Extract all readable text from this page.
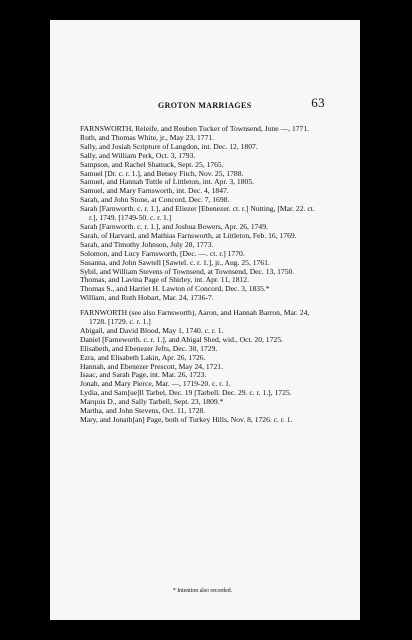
GROTON MARRIAGES	63
FARNSWORTH, Releife, and Reuben Tucker of Townsend, June —, 1771.
Ruth, and Thomas White, jr., May 23, 1771.
Sally, and Josiah Scripture of Langdon, int. Dec. 12, 1807.
Sally, and William Perk, Oct. 3, 1793.
Sampson, and Rachel Shattuck, Sept. 25, 1765.
Samuel [Dr. c. r. 1.], and Betsey Fitch, Nov. 25, 1788.
Samuel, and Hannah Tuttle of Littleton, int. Apr. 3, 1805.
Samuel, and Mary Farnsworth, int. Dec. 4, 1847.
Sarah, and John Stone, at Concord, Dec. 7, 1698.
Sarah [Farnworth. c. r. 1.], and Eliezer [Ebenezer. ct. r.] Nutting, [Mar. 22. ct. r.], 1749. [1749-50. c. r. 1.]
Sarah [Farnworth. c. r. 1.], and Joshua Bowers, Apr. 26, 1749.
Sarah, of Harvard, and Mathias Farnsworth, at Littleton, Feb. 16, 1769.
Sarah, and Timothy Johnson, July 28, 1773.
Solomon, and Lucy Farnsworth, [Dec. —. ct. r.] 1770.
Susanna, and John Sawtell [Sawtel. c. r. 1.], jr., Aug. 25, 1761.
Sybil, and William Stevens of Townsend, at Townsend, Dec. 13, 1750.
Thomas, and Lavina Page of Shirley, int. Apr. 11, 1812.
Thomas S., and Harriet H. Lawton of Concord, Dec. 3, 1835.*
William, and Ruth Hobart, Mar. 24, 1736-7.
FARNWORTH (see also Farnsworth), Aaron, and Hannah Barron, Mar. 24, 1728. [1729. c. r. 1.]
Abigail, and David Blood, May 1, 1740. c. r. 1.
Daniel [Farneworth. c. r. 1.], and Abigal Shed, wid., Oct. 20, 1725.
Elisabeth, and Ebenezer Jefts, Dec. 30, 1729.
Ezra, and Elisabeth Lakin, Apr. 26, 1726.
Hannah, and Ebenezer Prescott, May 24, 1721.
Isaac, and Sarah Page, int. Mar. 26, 1723.
Jonah, and Mary Pierce, Mar. —, 1719-20. c. r. 1.
Lydia, and Sam[ue]ll Tarbel, Dec. 19 [Tarbell. Dec. 29. c. r. 1.], 1725.
Marquis D., and Sally Tarbell, Sept. 23, 1809.*
Martha, and John Stevens, Oct. 11, 1728.
Mary, and Jonath[an] Page, both of Turkey Hills, Nov. 8, 1726. c. r. 1.
* Intention also recorded.
